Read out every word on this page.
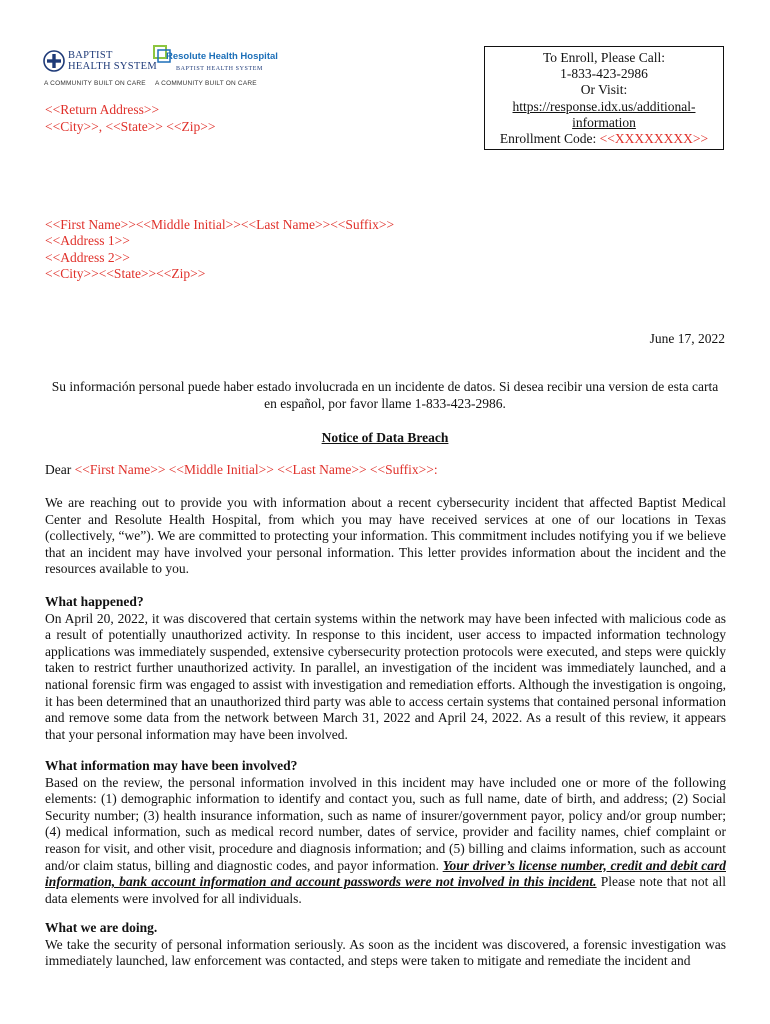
BAPTIST
HEALTH SYSTEM
A COMMUNITY BUILT ON CARE
Resolute Health Hospital
BAPTIST HEALTH SYSTEM
A COMMUNITY BUILT ON CARE
To Enroll, Please Call:
1-833-423-2986
Or Visit:
https://response.idx.us/additional-
information
Enrollment Code: <<XXXXXXXX>>
<<Return Address>>
<<City>>, <<State>> <<Zip>>
<<First Name>><<Middle Initial>><<Last Name>><<Suffix>>
<<Address 1>>
<<Address 2>>
<<City>><<State>><<Zip>>
June 17, 2022
Su información personal puede haber estado involucrada en un incidente de datos. Si desea recibir una version de esta carta en español, por favor llame 1-833-423-2986.
Notice of Data Breach
Dear <<First Name>> <<Middle Initial>> <<Last Name>> <<Suffix>>:

We are reaching out to provide you with information about a recent cybersecurity incident that affected Baptist Medical Center and Resolute Health Hospital, from which you may have received services at one of our locations in Texas (collectively, “we”). We are committed to protecting your information. This commitment includes notifying you if we believe that an incident may have involved your personal information. This letter provides information about the incident and the resources available to you.

What happened?
On April 20, 2022, it was discovered that certain systems within the network may have been infected with malicious code as a result of potentially unauthorized activity. In response to this incident, user access to impacted information technology applications was immediately suspended, extensive cybersecurity protection protocols were executed, and steps were quickly taken to restrict further unauthorized activity. In parallel, an investigation of the incident was immediately launched, and a national forensic firm was engaged to assist with investigation and remediation efforts. Although the investigation is ongoing, it has been determined that an unauthorized third party was able to access certain systems that contained personal information and remove some data from the network between March 31, 2022 and April 24, 2022. As a result of this review, it appears that your personal information may have been involved.
What information may have been involved?
Based on the review, the personal information involved in this incident may have included one or more of the following elements: (1) demographic information to identify and contact you, such as full name, date of birth, and address; (2) Social Security number; (3) health insurance information, such as name of insurer/government payor, policy and/or group number; (4) medical information, such as medical record number, dates of service, provider and facility names, chief complaint or reason for visit, and other visit, procedure and diagnosis information; and (5) billing and claims information, such as account and/or claim status, billing and diagnostic codes, and payor information. Your driver’s license number, credit and debit card information, bank account information and account passwords were not involved in this incident. Please note that not all data elements were involved for all individuals.
What we are doing.
We take the security of personal information seriously. As soon as the incident was discovered, a forensic investigation was immediately launched, law enforcement was contacted, and steps were taken to mitigate and remediate the incident and
